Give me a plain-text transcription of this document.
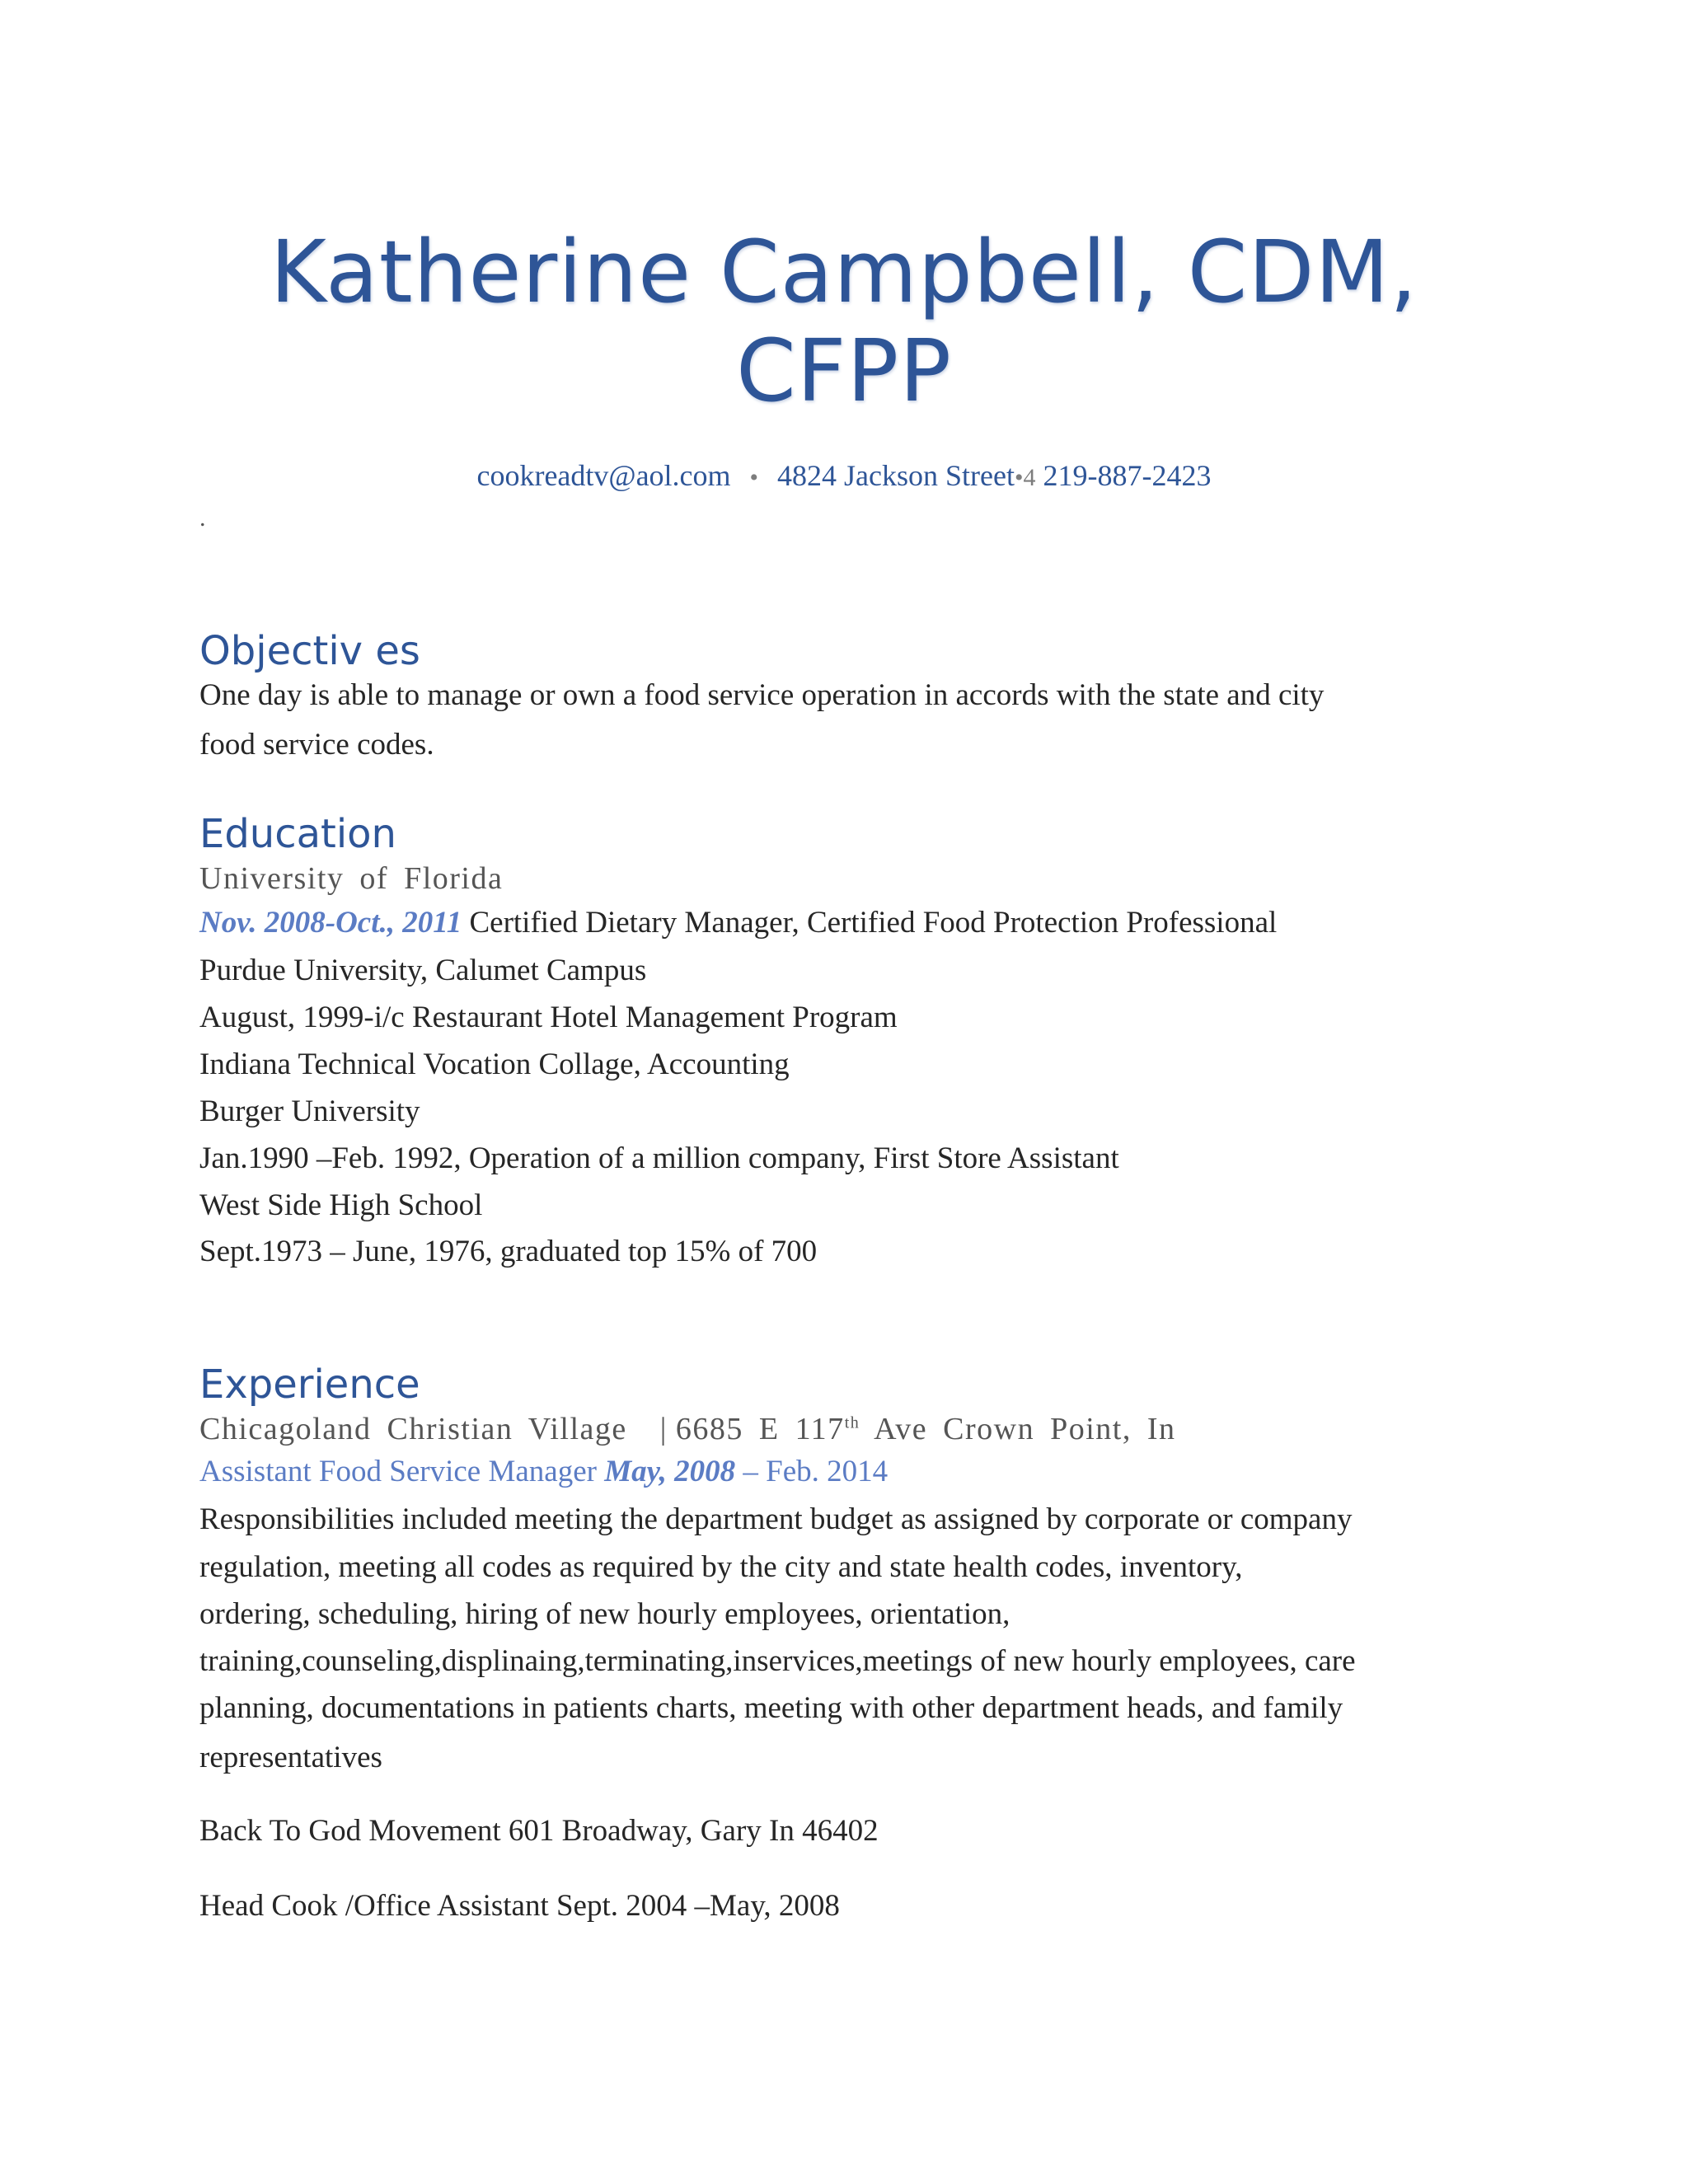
Katherine Campbell, CDM,
CFPP
cookreadtv@aol.com • 4824 Jackson Street•4 219-887-2423
.
Objectiv es
One day is able to manage or own a food service operation in accords with the state and city
food service codes.
Education
University of Florida
Nov. 2008-Oct., 2011 Certified Dietary Manager, Certified Food Protection Professional
Purdue University, Calumet Campus
August, 1999-i/c Restaurant Hotel Management Program
Indiana Technical Vocation Collage, Accounting
Burger University
Jan.1990 –Feb. 1992, Operation of a million company, First Store Assistant
West Side High School
Sept.1973 – June, 1976, graduated top 15% of 700
Experience
Chicagoland Christian Village | 6685 E 117th Ave Crown Point, In
Assistant Food Service Manager May, 2008 – Feb. 2014
Responsibilities included meeting the department budget as assigned by corporate or company
regulation, meeting all codes as required by the city and state health codes, inventory,
ordering, scheduling, hiring of new hourly employees, orientation,
training,counseling,displinaing,terminating,inservices,meetings of new hourly employees, care
planning, documentations in patients charts, meeting with other department heads, and family
representatives
Back To God Movement 601 Broadway, Gary In 46402
Head Cook /Office Assistant Sept. 2004 –May, 2008
